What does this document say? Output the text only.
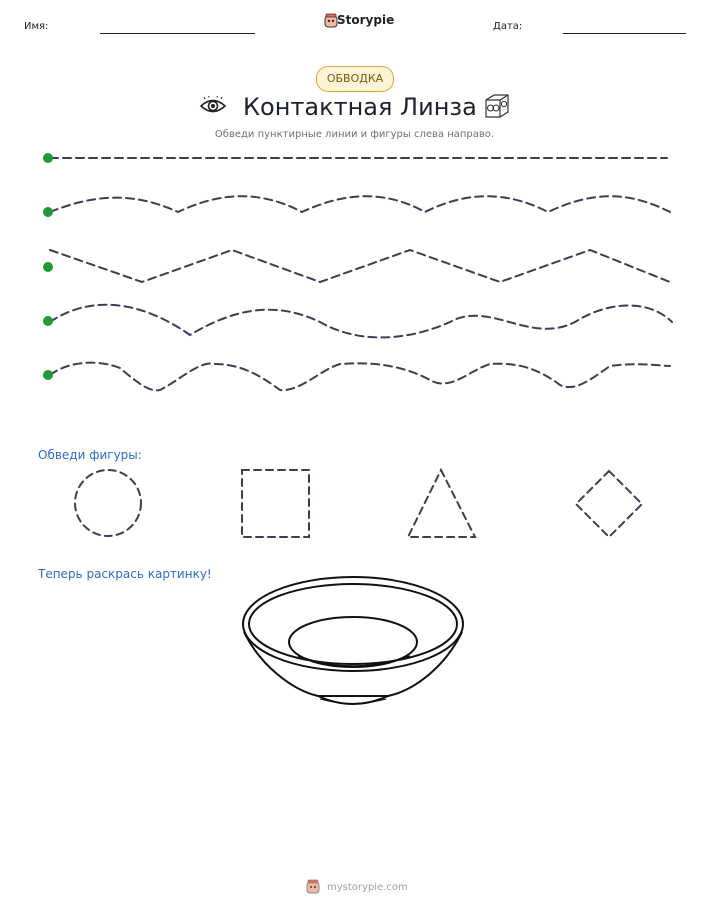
Имя:	Storypie	Дата:
ОБВОДКА
Контактная Линза
Обведи пунктирные линии и фигуры слева направо.
Обведи фигуры:
Теперь раскрась картинку!
mystorypie.com
